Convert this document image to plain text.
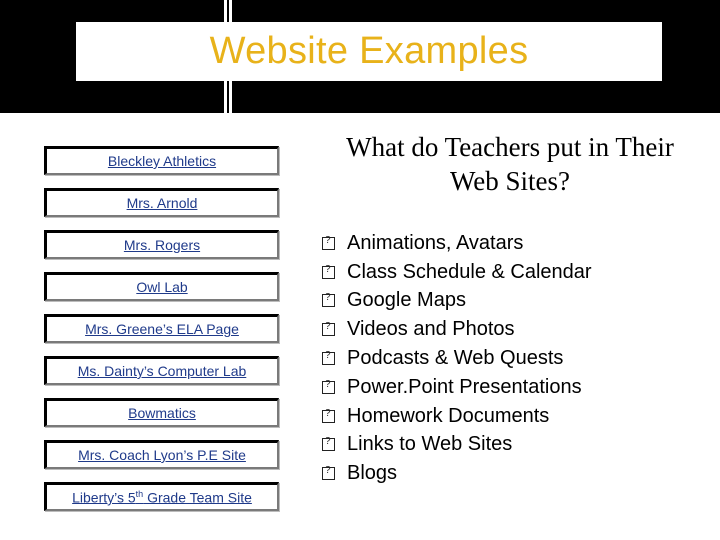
Website Examples
Bleckley Athletics
Mrs. Arnold
Mrs. Rogers
Owl Lab
Mrs. Greene’s ELA Page
Ms. Dainty’s Computer Lab
Bowmatics
Mrs. Coach Lyon’s P.E Site
Liberty’s 5th Grade Team Site
What do Teachers put in Their Web Sites?
?
Animations, Avatars
?
Class Schedule & Calendar
?
Google Maps
?
Videos and Photos
?
Podcasts & Web Quests
?
Power.Point Presentations
?
Homework Documents
?
Links to Web Sites
?
Blogs
